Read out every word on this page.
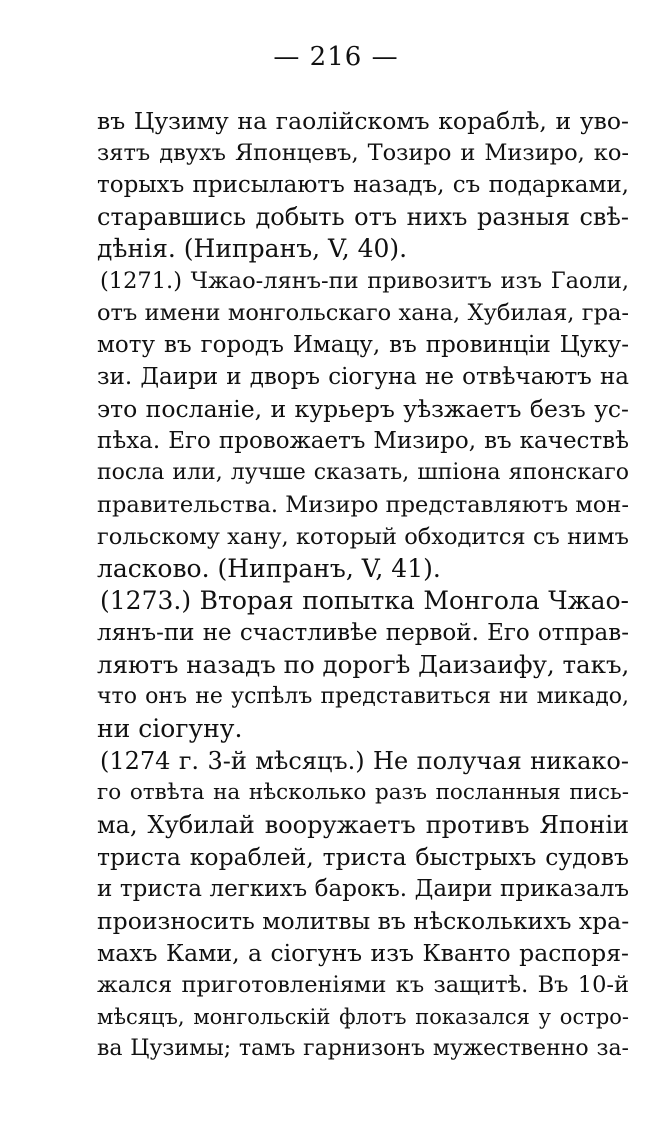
— 216 —
въ Цузиму на гаолійскомъ кораблѣ, и уво-
зятъ двухъ Японцевъ, Тозиро и Мизиро, ко-
торыхъ присылаютъ назадъ, съ подарками,
старавшись добыть отъ нихъ разныя свѣ-
дѣнія. (Нипранъ, V, 40).
(1271.) Чжао-лянъ-пи привозитъ изъ Гаоли,
отъ имени монгольскаго хана, Хубилая, гра-
моту въ городъ Имацу, въ провинціи Цуку-
зи. Даири и дворъ сіогуна не отвѣчаютъ на
это посланіе, и курьеръ уѣзжаетъ безъ ус-
пѣха. Его провожаетъ Мизиро, въ качествѣ
посла или, лучше сказать, шпіона японскаго
правительства. Мизиро представляютъ мон-
гольскому хану, который обходится съ нимъ
ласково. (Нипранъ, V, 41).
(1273.) Вторая попытка Монгола Чжао-
лянъ-пи не счастливѣе первой. Его отправ-
ляютъ назадъ по дорогѣ Даизаифу, такъ,
что онъ не успѣлъ представиться ни микадо,
ни сіогуну.
(1274 г. 3-й мѣсяцъ.) Не получая никако-
го отвѣта на нѣсколько разъ посланныя пись-
ма, Хубилай вооружаетъ противъ Японіи
триста кораблей, триста быстрыхъ судовъ
и триста легкихъ барокъ. Даири приказалъ
произносить молитвы въ нѣсколькихъ хра-
махъ Ками, а сіогунъ изъ Кванто распоря-
жался приготовленіями къ защитѣ. Въ 10-й
мѣсяцъ, монгольскій флотъ показался у остро-
ва Цузимы; тамъ гарнизонъ мужественно за-
